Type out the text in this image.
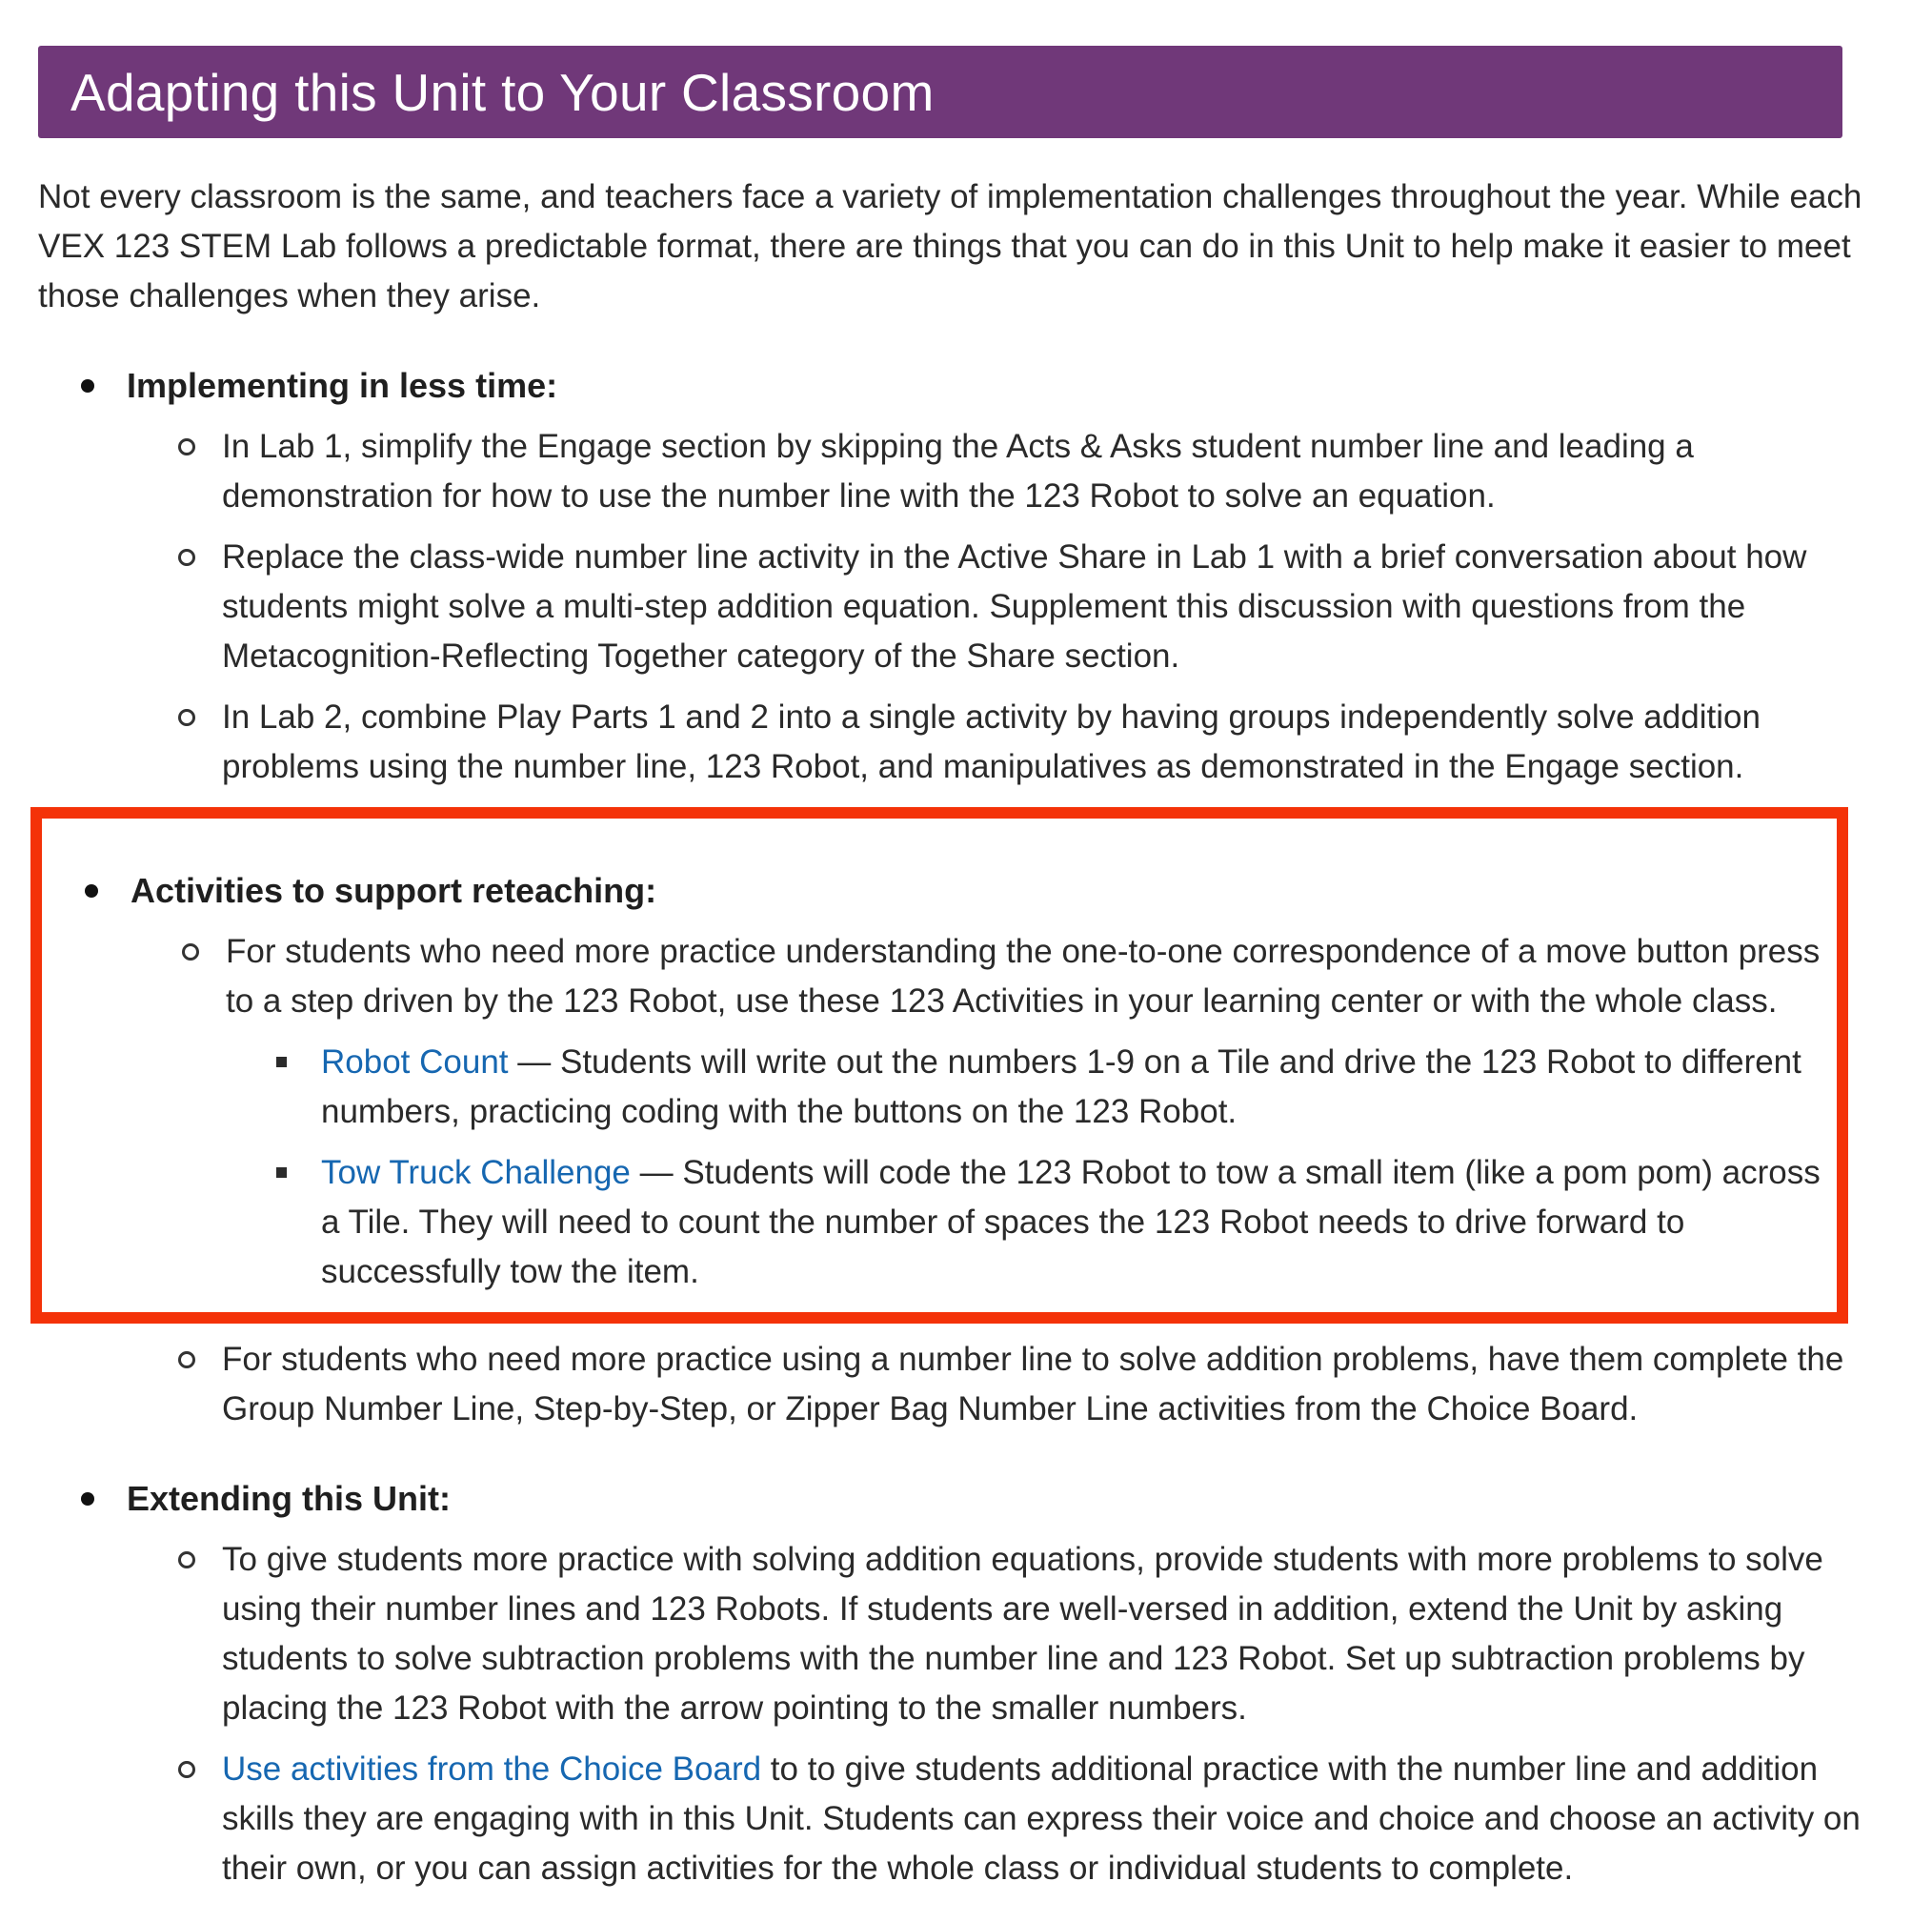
Adapting this Unit to Your Classroom

Not every classroom is the same, and teachers face a variety of implementation challenges throughout the year. While each VEX 123 STEM Lab follows a predictable format, there are things that you can do in this Unit to help make it easier to meet those challenges when they arise.

Implementing in less time:
In Lab 1, simplify the Engage section by skipping the Acts & Asks student number line and leading a demonstration for how to use the number line with the 123 Robot to solve an equation.
Replace the class-wide number line activity in the Active Share in Lab 1 with a brief conversation about how students might solve a multi-step addition equation. Supplement this discussion with questions from the Metacognition-Reflecting Together category of the Share section.
In Lab 2, combine Play Parts 1 and 2 into a single activity by having groups independently solve addition problems using the number line, 123 Robot, and manipulatives as demonstrated in the Engage section.
Activities to support reteaching:
For students who need more practice understanding the one-to-one correspondence of a move button press to a step driven by the 123 Robot, use these 123 Activities in your learning center or with the whole class.
Robot Count — Students will write out the numbers 1-9 on a Tile and drive the 123 Robot to different numbers, practicing coding with the buttons on the 123 Robot.
Tow Truck Challenge — Students will code the 123 Robot to tow a small item (like a pom pom) across a Tile. They will need to count the number of spaces the 123 Robot needs to drive forward to successfully tow the item.
For students who need more practice using a number line to solve addition problems, have them complete the Group Number Line, Step-by-Step, or Zipper Bag Number Line activities from the Choice Board.
Extending this Unit:
To give students more practice with solving addition equations, provide students with more problems to solve using their number lines and 123 Robots. If students are well-versed in addition, extend the Unit by asking students to solve subtraction problems with the number line and 123 Robot. Set up subtraction problems by placing the 123 Robot with the arrow pointing to the smaller numbers.
Use activities from the Choice Board to to give students additional practice with the number line and addition skills they are engaging with in this Unit. Students can express their voice and choice and choose an activity on their own, or you can assign activities for the whole class or individual students to complete.
